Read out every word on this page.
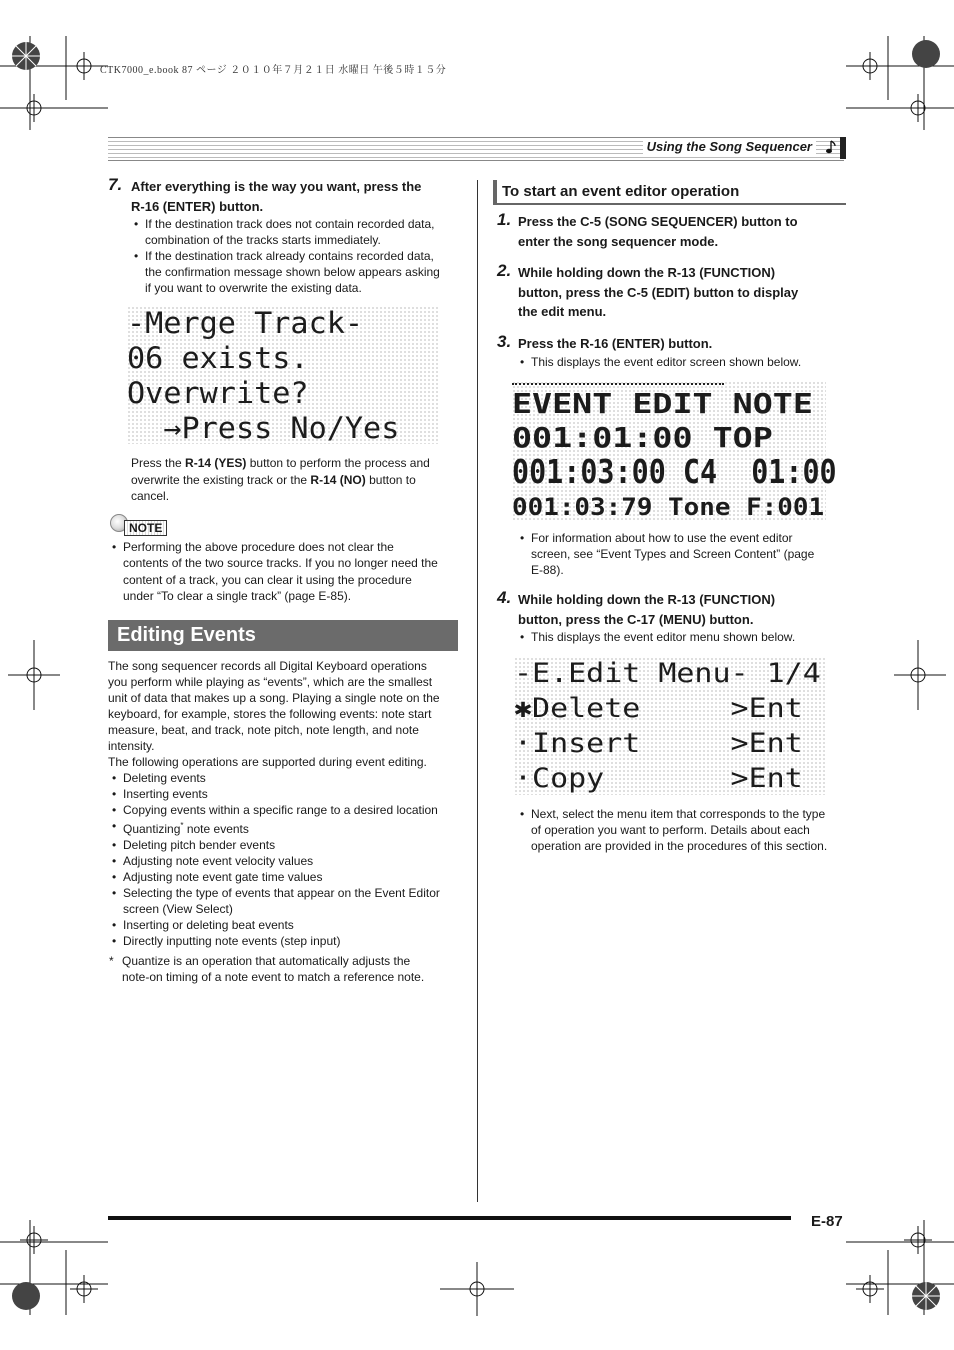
CTK7000_e.book 87 ページ ２０１０年７月２１日 水曜日 午後５時１５分
Using the Song Sequencer
7. After everything is the way you want, press the
R-16 (ENTER) button.
• If the destination track does not contain recorded data,
combination of the tracks starts immediately.
• If the destination track already contains recorded data,
the confirmation message shown below appears asking
if you want to overwrite the existing data.
-Merge Track-
06 exists.
Overwrite?
→Press No/Yes
Press the R-14 (YES) button to perform the process and
overwrite the existing track or the R-14 (NO) button to
cancel.
NOTE
• Performing the above procedure does not clear the
contents of the two source tracks. If you no longer need the
content of a track, you can clear it using the procedure
under “To clear a single track” (page E-85).
Editing Events
The song sequencer records all Digital Keyboard operations
you perform while playing as “events”, which are the smallest
unit of data that makes up a song. Playing a single note on the
keyboard, for example, stores the following events: note start
measure, beat, and track, note pitch, note length, and note
intensity.
The following operations are supported during event editing.
• Deleting events
• Inserting events
• Copying events within a specific range to a desired location
• Quantizing* note events
• Deleting pitch bender events
• Adjusting note event velocity values
• Adjusting note event gate time values
• Selecting the type of events that appear on the Event Editor
screen (View Select)
• Inserting or deleting beat events
• Directly inputting note events (step input)
* Quantize is an operation that automatically adjusts the
note-on timing of a note event to match a reference note.
To start an event editor operation
1. Press the C-5 (SONG SEQUENCER) button to
enter the song sequencer mode.
2. While holding down the R-13 (FUNCTION)
button, press the C-5 (EDIT) button to display
the edit menu.
3. Press the R-16 (ENTER) button.
• This displays the event editor screen shown below.
EVENT EDIT NOTE
001:01:00 TOP
001:03:00 C4  01:00
001:03:79 Tone F:001
• For information about how to use the event editor
screen, see “Event Types and Screen Content” (page
E-88).
4. While holding down the R-13 (FUNCTION)
button, press the C-17 (MENU) button.
• This displays the event editor menu shown below.
-E.Edit Menu- 1/4
✱Delete     >Ent
·Insert     >Ent
·Copy       >Ent
• Next, select the menu item that corresponds to the type
of operation you want to perform. Details about each
operation are provided in the procedures of this section.
E-87
